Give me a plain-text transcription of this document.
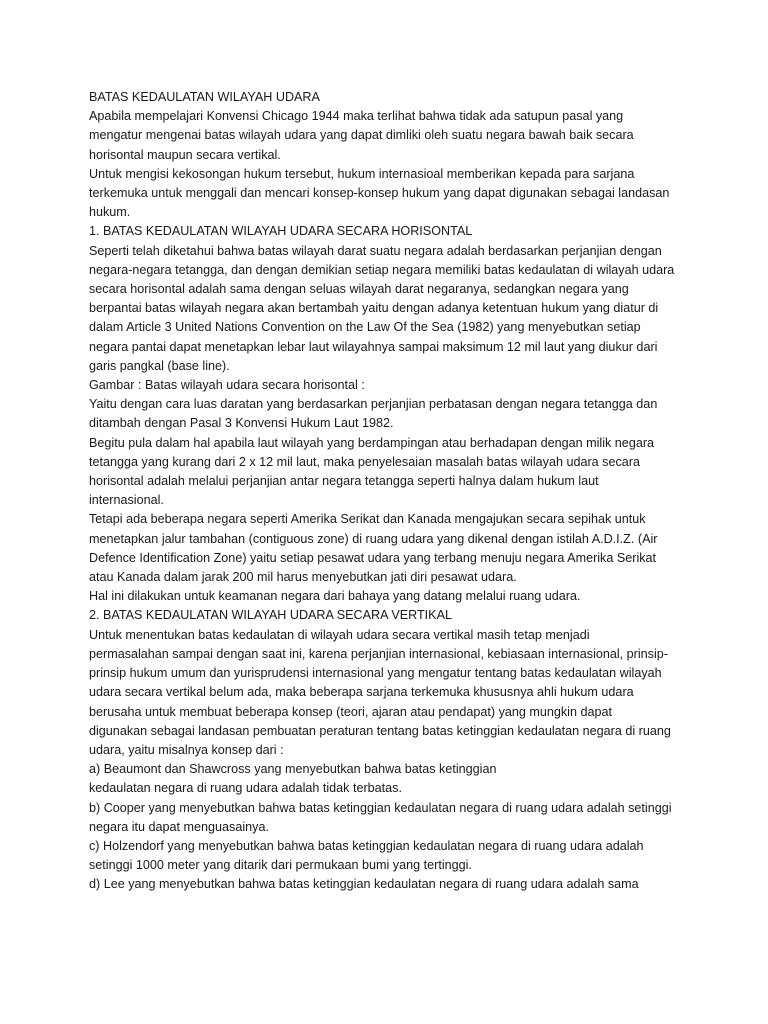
BATAS KEDAULATAN WILAYAH UDARA
Apabila mempelajari Konvensi Chicago 1944 maka terlihat bahwa tidak ada satupun pasal yang
mengatur mengenai batas wilayah udara yang dapat dimliki oleh suatu negara bawah baik secara
horisontal maupun secara vertikal.
Untuk mengisi kekosongan hukum tersebut, hukum internasioal memberikan kepada para sarjana
terkemuka untuk menggali dan mencari konsep-konsep hukum yang dapat digunakan sebagai landasan
hukum.
1. BATAS KEDAULATAN WILAYAH UDARA SECARA HORISONTAL
Seperti telah diketahui bahwa batas wilayah darat suatu negara adalah berdasarkan perjanjian dengan
negara-negara tetangga, dan dengan demikian setiap negara memiliki batas kedaulatan di wilayah udara
secara horisontal adalah sama dengan seluas wilayah darat negaranya, sedangkan negara yang
berpantai batas wilayah negara akan bertambah yaitu dengan adanya ketentuan hukum yang diatur di
dalam Article 3 United Nations Convention on the Law Of the Sea (1982) yang menyebutkan setiap
negara pantai dapat menetapkan lebar laut wilayahnya sampai maksimum 12 mil laut yang diukur dari
garis pangkal (base line).
Gambar : Batas wilayah udara secara horisontal :
Yaitu dengan cara luas daratan yang berdasarkan perjanjian perbatasan dengan negara tetangga dan
ditambah dengan Pasal 3 Konvensi Hukum Laut 1982.
Begitu pula dalam hal apabila laut wilayah yang berdampingan atau berhadapan dengan milik negara
tetangga yang kurang dari 2 x 12 mil laut, maka penyelesaian masalah batas wilayah udara secara
horisontal adalah melalui perjanjian antar negara tetangga seperti halnya dalam hukum laut
internasional.
Tetapi ada beberapa negara seperti Amerika Serikat dan Kanada mengajukan secara sepihak untuk
menetapkan jalur tambahan (contiguous zone) di ruang udara yang dikenal dengan istilah A.D.I.Z. (Air
Defence Identification Zone) yaitu setiap pesawat udara yang terbang menuju negara Amerika Serikat
atau Kanada dalam jarak 200 mil harus menyebutkan jati diri pesawat udara.
Hal ini dilakukan untuk keamanan negara dari bahaya yang datang melalui ruang udara.
2. BATAS KEDAULATAN WILAYAH UDARA SECARA VERTIKAL
Untuk menentukan batas kedaulatan di wilayah udara secara vertikal masih tetap menjadi
permasalahan sampai dengan saat ini, karena perjanjian internasional, kebiasaan internasional, prinsip-
prinsip hukum umum dan yurisprudensi internasional yang mengatur tentang batas kedaulatan wilayah
udara secara vertikal belum ada, maka beberapa sarjana terkemuka khususnya ahli hukum udara
berusaha untuk membuat beberapa konsep (teori, ajaran atau pendapat) yang mungkin dapat
digunakan sebagai landasan pembuatan peraturan tentang batas ketinggian kedaulatan negara di ruang
udara, yaitu misalnya konsep dari :
a) Beaumont dan Shawcross yang menyebutkan bahwa batas ketinggian
kedaulatan negara di ruang udara adalah tidak terbatas.
b) Cooper yang menyebutkan bahwa batas ketinggian kedaulatan negara di ruang udara adalah setinggi
negara itu dapat menguasainya.
c) Holzendorf yang menyebutkan bahwa batas ketinggian kedaulatan negara di ruang udara adalah
setinggi 1000 meter yang ditarik dari permukaan bumi yang tertinggi.
d) Lee yang menyebutkan bahwa batas ketinggian kedaulatan negara di ruang udara adalah sama
